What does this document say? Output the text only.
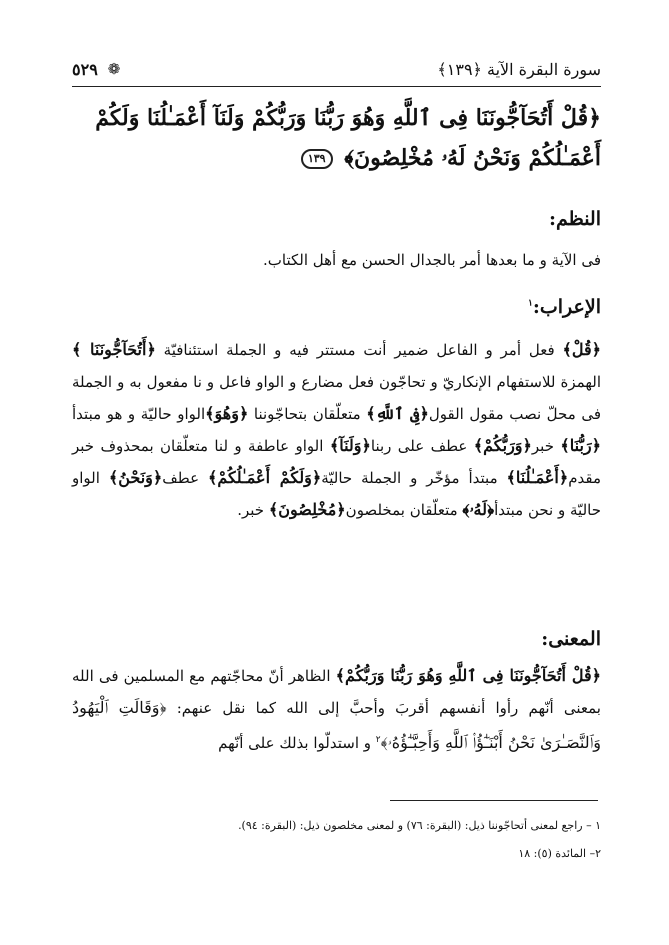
سورة البقرة الآية ﴿١٣٩﴾
❁
٥٢٩
﴿قُلْ أَتُحَآجُّونَنَا فِى ٱللَّهِ وَهُوَ رَبُّنَا وَرَبُّكُمْ وَلَنَآ أَعْمَـٰلُنَا وَلَكُمْ
أَعْمَـٰلُكُمْ وَنَحْنُ لَهُۥ مُخْلِصُونَ﴾ ١٣٩
النظم:
فى الآية و ما بعدها أمر بالجدال الحسن مع أهل الكتاب.
الإعراب:$^١$
﴿قُلْ﴾ فعل أمر و الفاعل ضمير أنت مستتر فيه و الجملة استئنافيّة ﴿أَتُحَآجُّونَنَا ﴾ الهمزة للاستفهام الإنكاريّ و تحاجّون فعل مضارع و الواو فاعل و نا مفعول به و الجملة فى محلّ نصب مقول القول﴿فِى ٱللَّهِ﴾ متعلّقان بتحاجّوننا ﴿وَهُوَ﴾الواو حاليّة و هو مبتدأ ﴿رَبُّنَا﴾ خبر﴿وَرَبُّكُمْ﴾ عطف على ربنا﴿وَلَنَآ﴾ الواو عاطفة و لنا متعلّقان بمحذوف خبر مقدم﴿أَعْمَـٰلُنَا﴾ مبتدأ مؤخّر و الجملة حاليّة﴿وَلَكُمْ أَعْمَـٰلُكُمْ﴾ عطف﴿وَنَحْنُ﴾ الواو حاليّة و نحن مبتدأ﴿لَهُۥ﴾ متعلّقان بمخلصون﴿مُخْلِصُونَ﴾ خبر.
المعنى:
﴿قُلْ أَتُحَآجُّونَنَا فِى ٱللَّهِ وَهُوَ رَبُّنَا وَرَبُّكُمْ﴾ الظاهر أنّ محاجّتهم مع المسلمين فى الله بمعنى أنّهم رأوا أنفسهم أقربَ وأحبَّ إلى الله كما نقل عنهم: ﴿وَقَالَتِ ٱلْيَهُودُ وَٱلنَّصَـٰرَىٰ نَحْنُ أَبْنَـٰٓؤُا۟ ٱللَّهِ وَأَحِبَّـٰٓؤُهُۥ﴾$^٢$ و استدلّوا بذلك على أنّهم
١ – راجع لمعنى أتحاجّوننا ذيل: (البقرة: ٧٦) و لمعنى مخلصون ذيل: (البقرة: ٩٤).
٢– المائدة (٥): ١٨
